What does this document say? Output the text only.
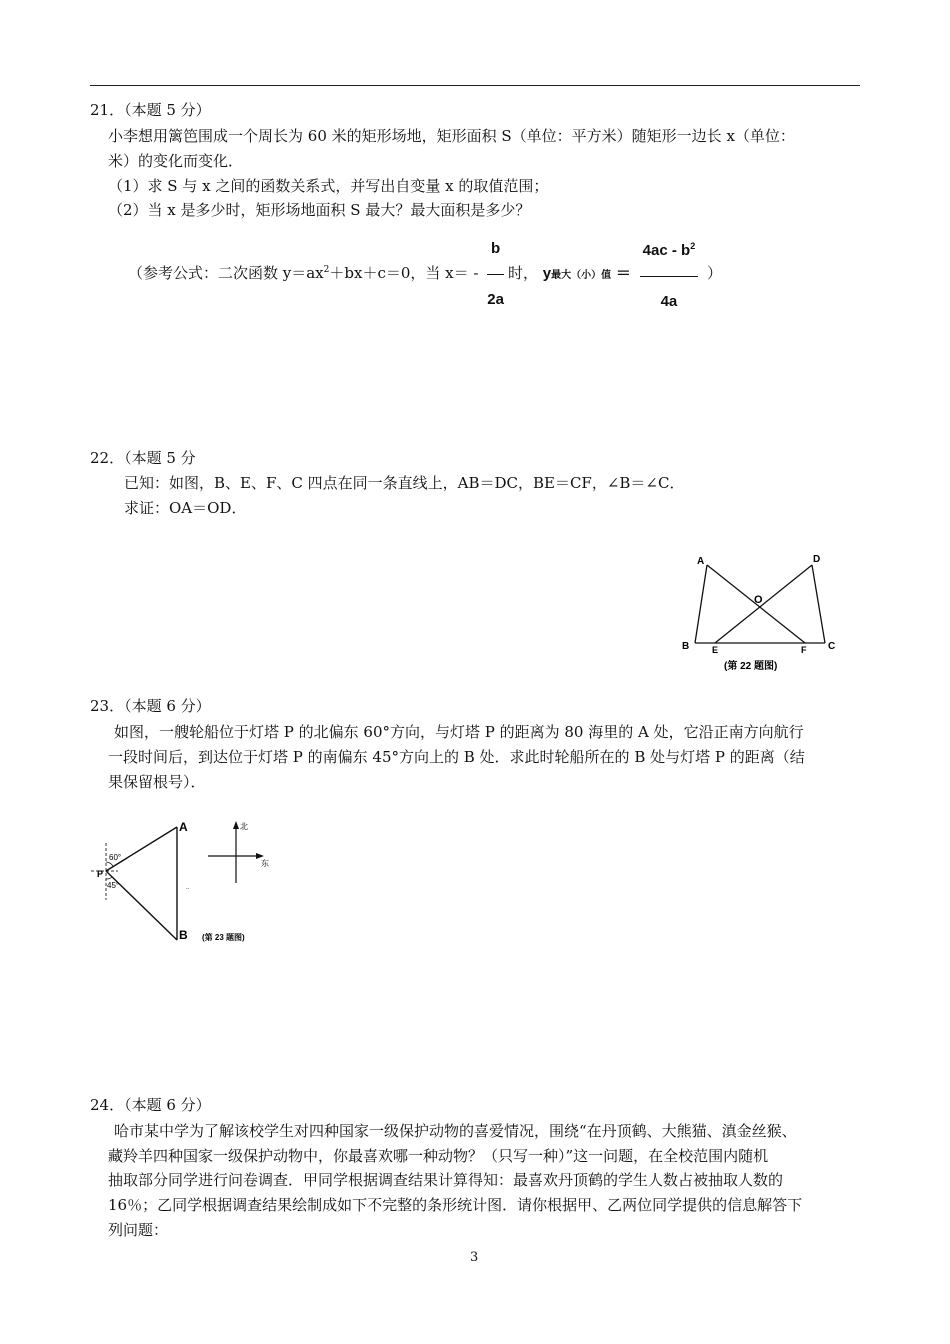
21．（本题 5 分）
小李想用篱笆围成一个周长为 60 米的矩形场地，矩形面积 S（单位：平方米）随矩形一边长 x（单位：
米）的变化而变化．
（1）求 S 与 x 之间的函数关系式，并写出自变量 x 的取值范围；
（2）当 x 是多少时，矩形场地面积 S 最大？最大面积是多少？
（参考公式：二次函数 $y=ax^2+bx+c=0$，当 $x= - \frac{b}{2a}$ 时， y最大（小）值 ＝ $\frac{4ac - b^2}{4a}$ ）
22．（本题 5 分
已知：如图，B、E、F、C 四点在同一条直线上，AB＝DC，BE＝CF，∠B＝∠C．
求证：OA＝OD．
A	D
O
B	E	F C
(第 22 题图)
23．（本题 6 分）
如图，一艘轮船位于灯塔 P 的北偏东 60°方向，与灯塔 P 的距离为 80 海里的 A 处，它沿正南方向航行
一段时间后，到达位于灯塔 P 的南偏东 45°方向上的 B 处．求此时轮船所在的 B 处与灯塔 P 的距离（结
果保留根号）．
A
B
P
60°
45°	..
北
东
(第 23 题图)
24．（本题 6 分）
哈市某中学为了解该校学生对四种国家一级保护动物的喜爱情况，围绕“在丹顶鹤、大熊猫、滇金丝猴、
藏羚羊四种国家一级保护动物中，你最喜欢哪一种动物？（只写一种）”这一问题，在全校范围内随机
抽取部分同学进行问卷调查．甲同学根据调查结果计算得知：最喜欢丹顶鹤的学生人数占被抽取人数的
16％；乙同学根据调查结果绘制成如下不完整的条形统计图．请你根据甲、乙两位同学提供的信息解答下
列问题：
3
